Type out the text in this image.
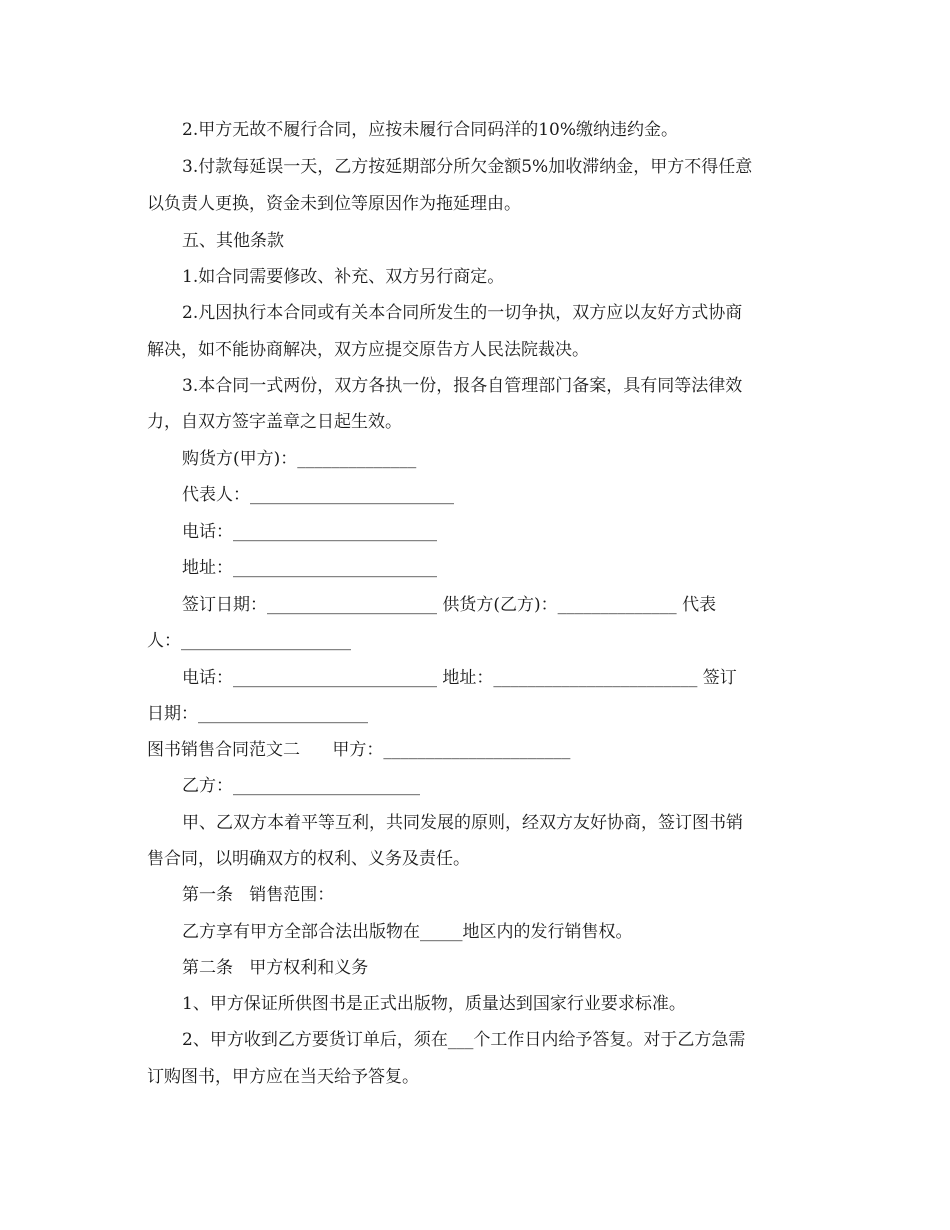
2.甲方无故不履行合同，应按未履行合同码洋的10%缴纳违约金。
3.付款每延误一天，乙方按延期部分所欠金额5%加收滞纳金，甲方不得任意
以负责人更换，资金未到位等原因作为拖延理由。
五、其他条款
1.如合同需要修改、补充、双方另行商定。
2.凡因执行本合同或有关本合同所发生的一切争执，双方应以友好方式协商
解决，如不能协商解决，双方应提交原告方人民法院裁决。
3.本合同一式两份，双方各执一份，报各自管理部门备案，具有同等法律效
力，自双方签字盖章之日起生效。
购货方(甲方)：______________
代表人：________________________
电话：________________________
地址：________________________
签订日期：____________________ 供货方(乙方)：______________ 代表
人：____________________
电话：________________________ 地址：________________________ 签订
日期：____________________
图书销售合同范文二      甲方：______________________
乙方：______________________
甲、乙双方本着平等互利，共同发展的原则，经双方友好协商，签订图书销
售合同，以明确双方的权利、义务及责任。
第一条   销售范围：
乙方享有甲方全部合法出版物在_____地区内的发行销售权。
第二条   甲方权利和义务
1、甲方保证所供图书是正式出版物，质量达到国家行业要求标准。
2、甲方收到乙方要货订单后，须在___个工作日内给予答复。对于乙方急需
订购图书，甲方应在当天给予答复。
